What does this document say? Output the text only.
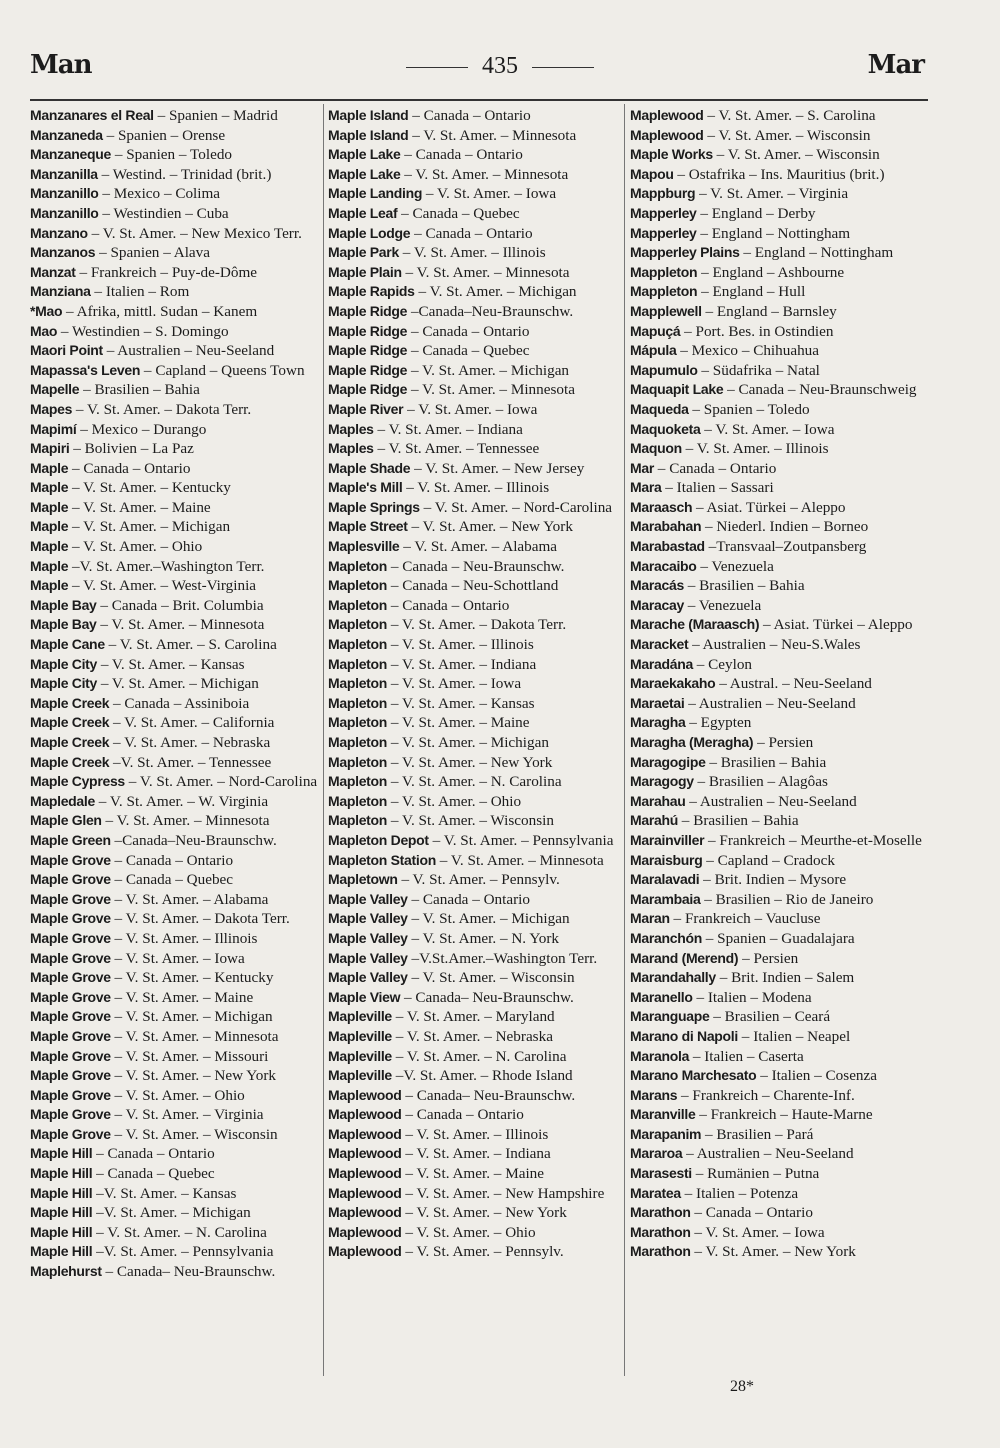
Man	435	Mar
Manzanares el Real – Spanien – Madrid
Manzaneda – Spanien – Orense
Manzaneque – Spanien – Toledo
Manzanilla – Westind. – Trinidad (brit.)
Manzanillo – Mexico – Colima
Manzanillo – Westindien – Cuba
Manzano – V. St. Amer. – New Mexico Terr.
Manzanos – Spanien – Alava
Manzat – Frankreich – Puy-de-Dôme
Manziana – Italien – Rom
*Mao – Afrika, mittl. Sudan – Kanem
Mao – Westindien – S. Domingo
Maori Point – Australien – Neu-Seeland
Mapassa's Leven – Capland – Queens Town
Mapelle – Brasilien – Bahia
Mapes – V. St. Amer. – Dakota Terr.
Mapimí – Mexico – Durango
Mapiri – Bolivien – La Paz
Maple – Canada – Ontario
Maple – V. St. Amer. – Kentucky
Maple – V. St. Amer. – Maine
Maple – V. St. Amer. – Michigan
Maple – V. St. Amer. – Ohio
Maple –V. St. Amer.–Washington Terr.
Maple – V. St. Amer. – West-Virginia
Maple Bay – Canada – Brit. Columbia
Maple Bay – V. St. Amer. – Minnesota
Maple Cane – V. St. Amer. – S. Carolina
Maple City – V. St. Amer. – Kansas
Maple City – V. St. Amer. – Michigan
Maple Creek – Canada – Assiniboia
Maple Creek – V. St. Amer. – California
Maple Creek – V. St. Amer. – Nebraska
Maple Creek –V. St. Amer. – Tennessee
Maple Cypress – V. St. Amer. – Nord-Carolina
Mapledale – V. St. Amer. – W. Virginia
Maple Glen – V. St. Amer. – Minnesota
Maple Green –Canada–Neu-Braunschw.
Maple Grove – Canada – Ontario
Maple Grove – Canada – Quebec
Maple Grove – V. St. Amer. – Alabama
Maple Grove – V. St. Amer. – Dakota Terr.
Maple Grove – V. St. Amer. – Illinois
Maple Grove – V. St. Amer. – Iowa
Maple Grove – V. St. Amer. – Kentucky
Maple Grove – V. St. Amer. – Maine
Maple Grove – V. St. Amer. – Michigan
Maple Grove – V. St. Amer. – Minnesota
Maple Grove – V. St. Amer. – Missouri
Maple Grove – V. St. Amer. – New York
Maple Grove – V. St. Amer. – Ohio
Maple Grove – V. St. Amer. – Virginia
Maple Grove – V. St. Amer. – Wisconsin
Maple Hill – Canada – Ontario
Maple Hill – Canada – Quebec
Maple Hill –V. St. Amer. – Kansas
Maple Hill –V. St. Amer. – Michigan
Maple Hill – V. St. Amer. – N. Carolina
Maple Hill –V. St. Amer. – Pennsylvania
Maplehurst – Canada– Neu-Braunschw.
Maple Island – Canada – Ontario
Maple Island – V. St. Amer. – Minnesota
Maple Lake – Canada – Ontario
Maple Lake – V. St. Amer. – Minnesota
Maple Landing – V. St. Amer. – Iowa
Maple Leaf – Canada – Quebec
Maple Lodge – Canada – Ontario
Maple Park – V. St. Amer. – Illinois
Maple Plain – V. St. Amer. – Minnesota
Maple Rapids – V. St. Amer. – Michigan
Maple Ridge –Canada–Neu-Braunschw.
Maple Ridge – Canada – Ontario
Maple Ridge – Canada – Quebec
Maple Ridge – V. St. Amer. – Michigan
Maple Ridge – V. St. Amer. – Minnesota
Maple River – V. St. Amer. – Iowa
Maples – V. St. Amer. – Indiana
Maples – V. St. Amer. – Tennessee
Maple Shade – V. St. Amer. – New Jersey
Maple's Mill – V. St. Amer. – Illinois
Maple Springs – V. St. Amer. – Nord-Carolina
Maple Street – V. St. Amer. – New York
Maplesville – V. St. Amer. – Alabama
Mapleton – Canada – Neu-Braunschw.
Mapleton – Canada – Neu-Schottland
Mapleton – Canada – Ontario
Mapleton – V. St. Amer. – Dakota Terr.
Mapleton – V. St. Amer. – Illinois
Mapleton – V. St. Amer. – Indiana
Mapleton – V. St. Amer. – Iowa
Mapleton – V. St. Amer. – Kansas
Mapleton – V. St. Amer. – Maine
Mapleton – V. St. Amer. – Michigan
Mapleton – V. St. Amer. – New York
Mapleton – V. St. Amer. – N. Carolina
Mapleton – V. St. Amer. – Ohio
Mapleton – V. St. Amer. – Wisconsin
Mapleton Depot – V. St. Amer. – Pennsylvania
Mapleton Station – V. St. Amer. – Minnesota
Mapletown – V. St. Amer. – Pennsylv.
Maple Valley – Canada – Ontario
Maple Valley – V. St. Amer. – Michigan
Maple Valley – V. St. Amer. – N. York
Maple Valley –V.St.Amer.–Washington Terr.
Maple Valley – V. St. Amer. – Wisconsin
Maple View – Canada– Neu-Braunschw.
Mapleville – V. St. Amer. – Maryland
Mapleville – V. St. Amer. – Nebraska
Mapleville – V. St. Amer. – N. Carolina
Mapleville –V. St. Amer. – Rhode Island
Maplewood – Canada– Neu-Braunschw.
Maplewood – Canada – Ontario
Maplewood – V. St. Amer. – Illinois
Maplewood – V. St. Amer. – Indiana
Maplewood – V. St. Amer. – Maine
Maplewood – V. St. Amer. – New Hampshire
Maplewood – V. St. Amer. – New York
Maplewood – V. St. Amer. – Ohio
Maplewood – V. St. Amer. – Pennsylv.
Maplewood – V. St. Amer. – S. Carolina
Maplewood – V. St. Amer. – Wisconsin
Maple Works – V. St. Amer. – Wisconsin
Mapou – Ostafrika – Ins. Mauritius (brit.)
Mappburg – V. St. Amer. – Virginia
Mapperley – England – Derby
Mapperley – England – Nottingham
Mapperley Plains – England – Nottingham
Mappleton – England – Ashbourne
Mappleton – England – Hull
Mapplewell – England – Barnsley
Mapuçá – Port. Bes. in Ostindien
Mápula – Mexico – Chihuahua
Mapumulo – Südafrika – Natal
Maquapit Lake – Canada – Neu-Braunschweig
Maqueda – Spanien – Toledo
Maquoketa – V. St. Amer. – Iowa
Maquon – V. St. Amer. – Illinois
Mar – Canada – Ontario
Mara – Italien – Sassari
Maraasch – Asiat. Türkei – Aleppo
Marabahan – Niederl. Indien – Borneo
Marabastad –Transvaal–Zoutpansberg
Maracaibo – Venezuela
Maracás – Brasilien – Bahia
Maracay – Venezuela
Marache (Maraasch) – Asiat. Türkei – Aleppo
Maracket – Australien – Neu-S.Wales
Maradána – Ceylon
Maraekakaho – Austral. – Neu-Seeland
Maraetai – Australien – Neu-Seeland
Maragha – Egypten
Maragha (Meragha) – Persien
Maragogipe – Brasilien – Bahia
Maragogy – Brasilien – Alagôas
Marahau – Australien – Neu-Seeland
Marahú – Brasilien – Bahia
Marainviller – Frankreich – Meurthe-et-Moselle
Maraisburg – Capland – Cradock
Maralavadi – Brit. Indien – Mysore
Marambaia – Brasilien – Rio de Janeiro
Maran – Frankreich – Vaucluse
Maranchón – Spanien – Guadalajara
Marand (Merend) – Persien
Marandahally – Brit. Indien – Salem
Maranello – Italien – Modena
Maranguape – Brasilien – Ceará
Marano di Napoli – Italien – Neapel
Maranola – Italien – Caserta
Marano Marchesato – Italien – Cosenza
Marans – Frankreich – Charente-Inf.
Maranville – Frankreich – Haute-Marne
Marapanim – Brasilien – Pará
Mararoa – Australien – Neu-Seeland
Marasesti – Rumänien – Putna
Maratea – Italien – Potenza
Marathon – Canada – Ontario
Marathon – V. St. Amer. – Iowa
Marathon – V. St. Amer. – New York
28*
